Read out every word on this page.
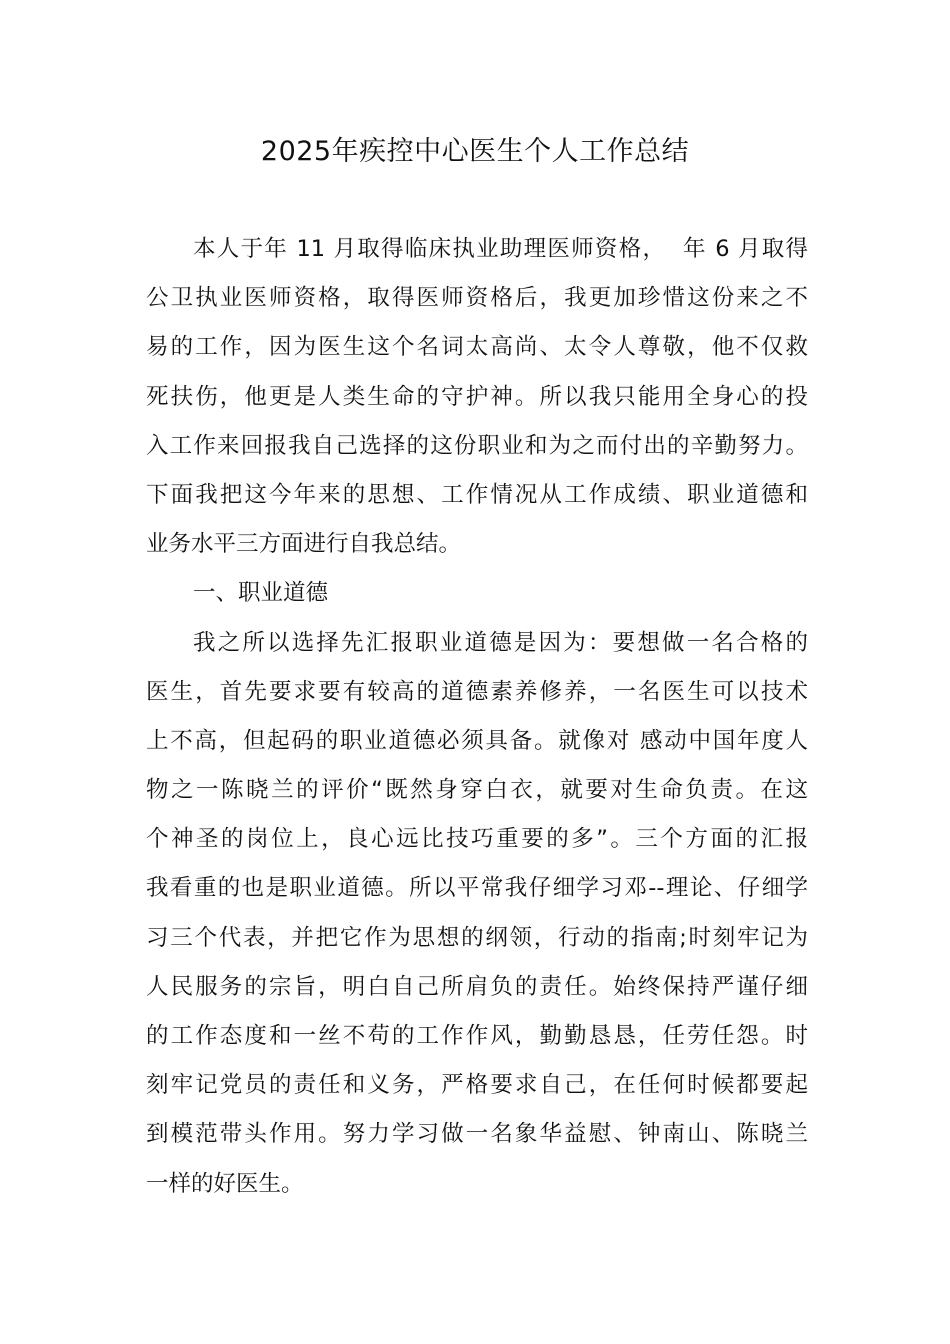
2025年疾控中心医生个人工作总结
本人于年 11 月取得临床执业助理医师资格，  年 6 月取得
公卫执业医师资格，取得医师资格后，我更加珍惜这份来之不
易的工作，因为医生这个名词太高尚、太令人尊敬，他不仅救
死扶伤，他更是人类生命的守护神。所以我只能用全身心的投
入工作来回报我自己选择的这份职业和为之而付出的辛勤努力。
下面我把这今年来的思想、工作情况从工作成绩、职业道德和
业务水平三方面进行自我总结。
一、职业道德
我之所以选择先汇报职业道德是因为：要想做一名合格的
医生，首先要求要有较高的道德素养修养，一名医生可以技术
上不高，但起码的职业道德必须具备。就像对 感动中国年度人
物之一陈晓兰的评价“既然身穿白衣，就要对生命负责。在这
个神圣的岗位上，良心远比技巧重要的多”。三个方面的汇报
我看重的也是职业道德。所以平常我仔细学习邓--理论、仔细学
习三个代表，并把它作为思想的纲领，行动的指南;时刻牢记为
人民服务的宗旨，明白自己所肩负的责任。始终保持严谨仔细
的工作态度和一丝不苟的工作作风，勤勤恳恳，任劳任怨。时
刻牢记党员的责任和义务，严格要求自己，在任何时候都要起
到模范带头作用。努力学习做一名象华益慰、钟南山、陈晓兰
一样的好医生。
